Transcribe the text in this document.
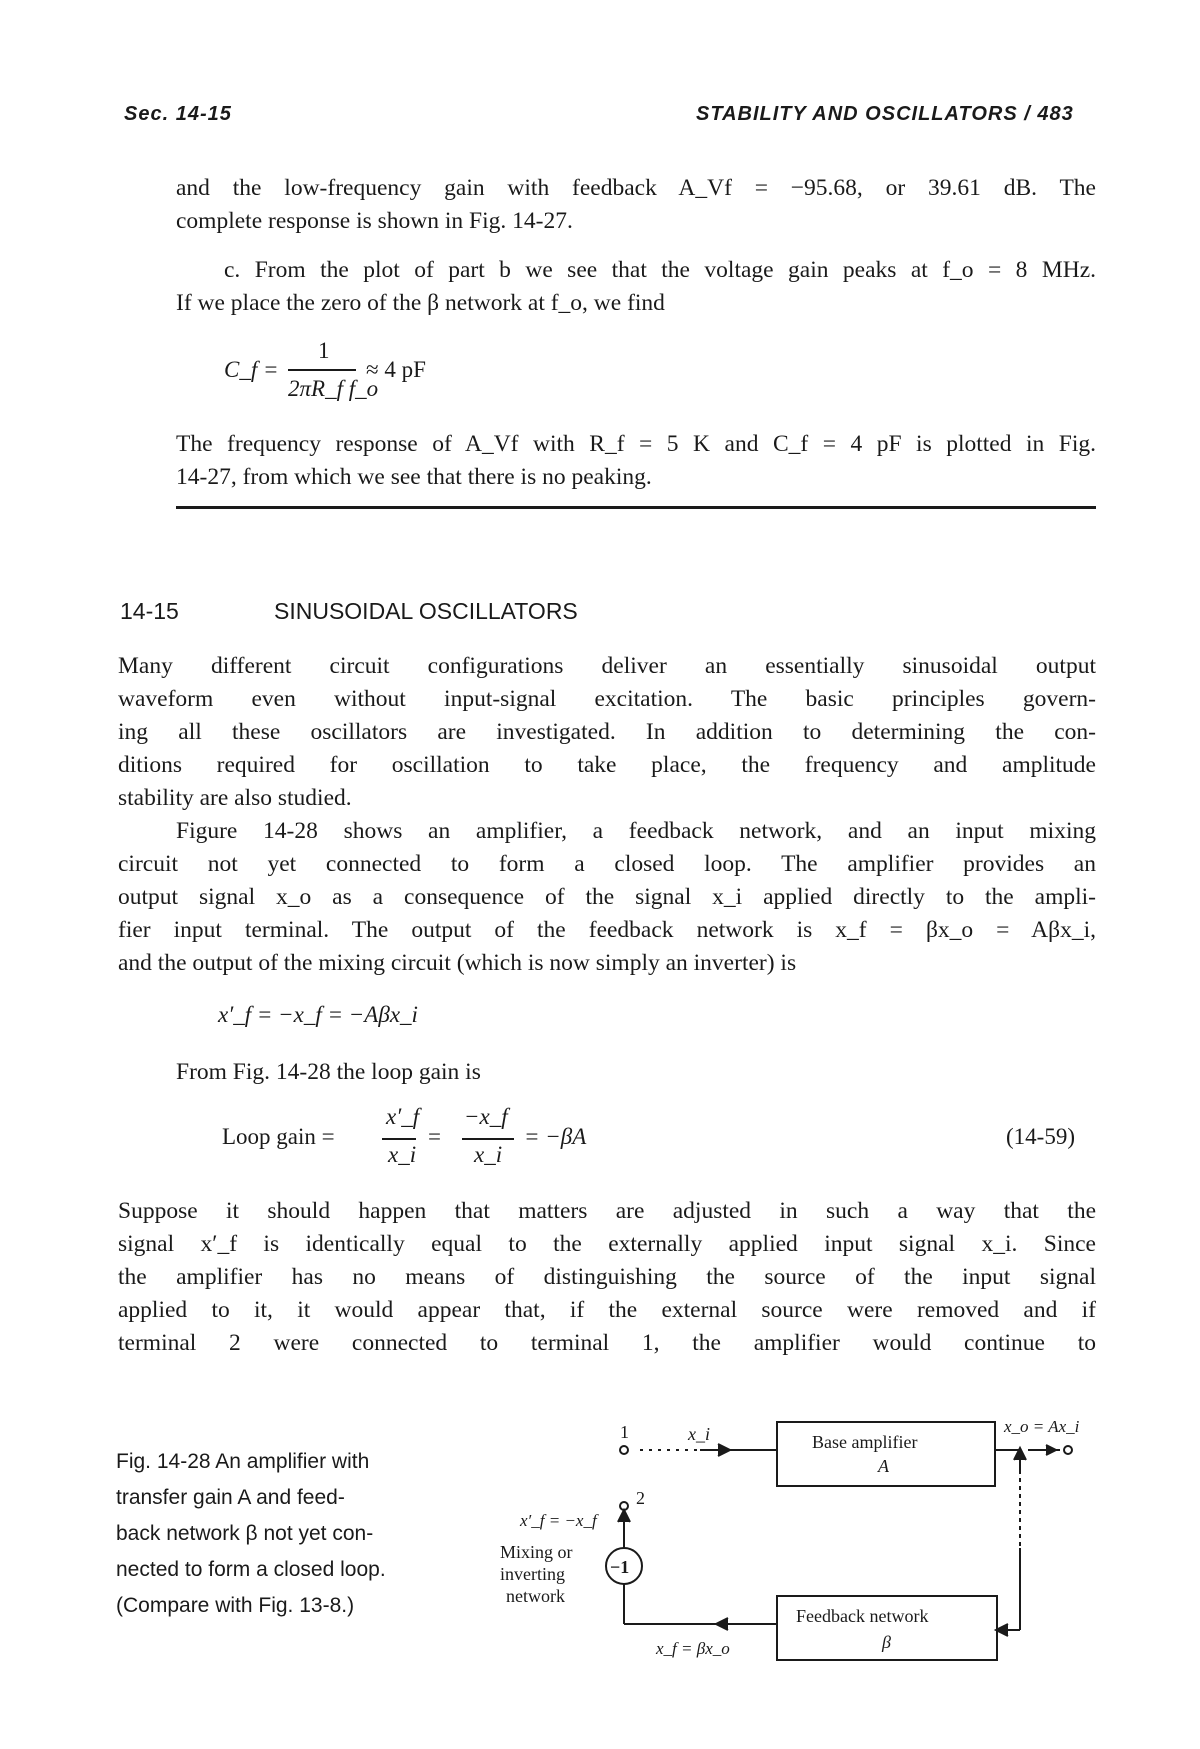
Sec. 14-15	STABILITY AND OSCILLATORS / 483
and the low-frequency gain with feedback A_Vf = −95.68, or 39.61 dB. The
complete response is shown in Fig. 14-27.
c. From the plot of part b we see that the voltage gain peaks at f_o = 8 MHz.
If we place the zero of the β network at f_o, we find
C_f =
1
2πR_f f_o
≈ 4 pF
The frequency response of A_Vf with R_f = 5 K and C_f = 4 pF is plotted in Fig.
14-27, from which we see that there is no peaking.
14-15	SINUSOIDAL OSCILLATORS
Many different circuit configurations deliver an essentially sinusoidal output
waveform even without input-signal excitation. The basic principles govern-
ing all these oscillators are investigated. In addition to determining the con-
ditions required for oscillation to take place, the frequency and amplitude
stability are also studied.
Figure 14-28 shows an amplifier, a feedback network, and an input mixing
circuit not yet connected to form a closed loop. The amplifier provides an
output signal x_o as a consequence of the signal x_i applied directly to the ampli-
fier input terminal. The output of the feedback network is x_f = βx_o = Aβx_i,
and the output of the mixing circuit (which is now simply an inverter) is
x′_f = −x_f = −Aβx_i
From Fig. 14-28 the loop gain is
Loop gain =
x′_f
x_i
=
−x_f
x_i
= −βA	(14-59)
Suppose it should happen that matters are adjusted in such a way that the
signal x′_f is identically equal to the externally applied input signal x_i. Since
the amplifier has no means of distinguishing the source of the input signal
applied to it, it would appear that, if the external source were removed and if
terminal 2 were connected to terminal 1, the amplifier would continue to
Fig. 14-28 An amplifier with
transfer gain A and feed-
back network β not yet con-
nected to form a closed loop.
(Compare with Fig. 13-8.)
1
2
x_i	Base amplifier
A
x_o = Ax_i
x′_f = −x_f
Mixing or
inverting
network
−1
Feedback network
β
x_f = βx_o
